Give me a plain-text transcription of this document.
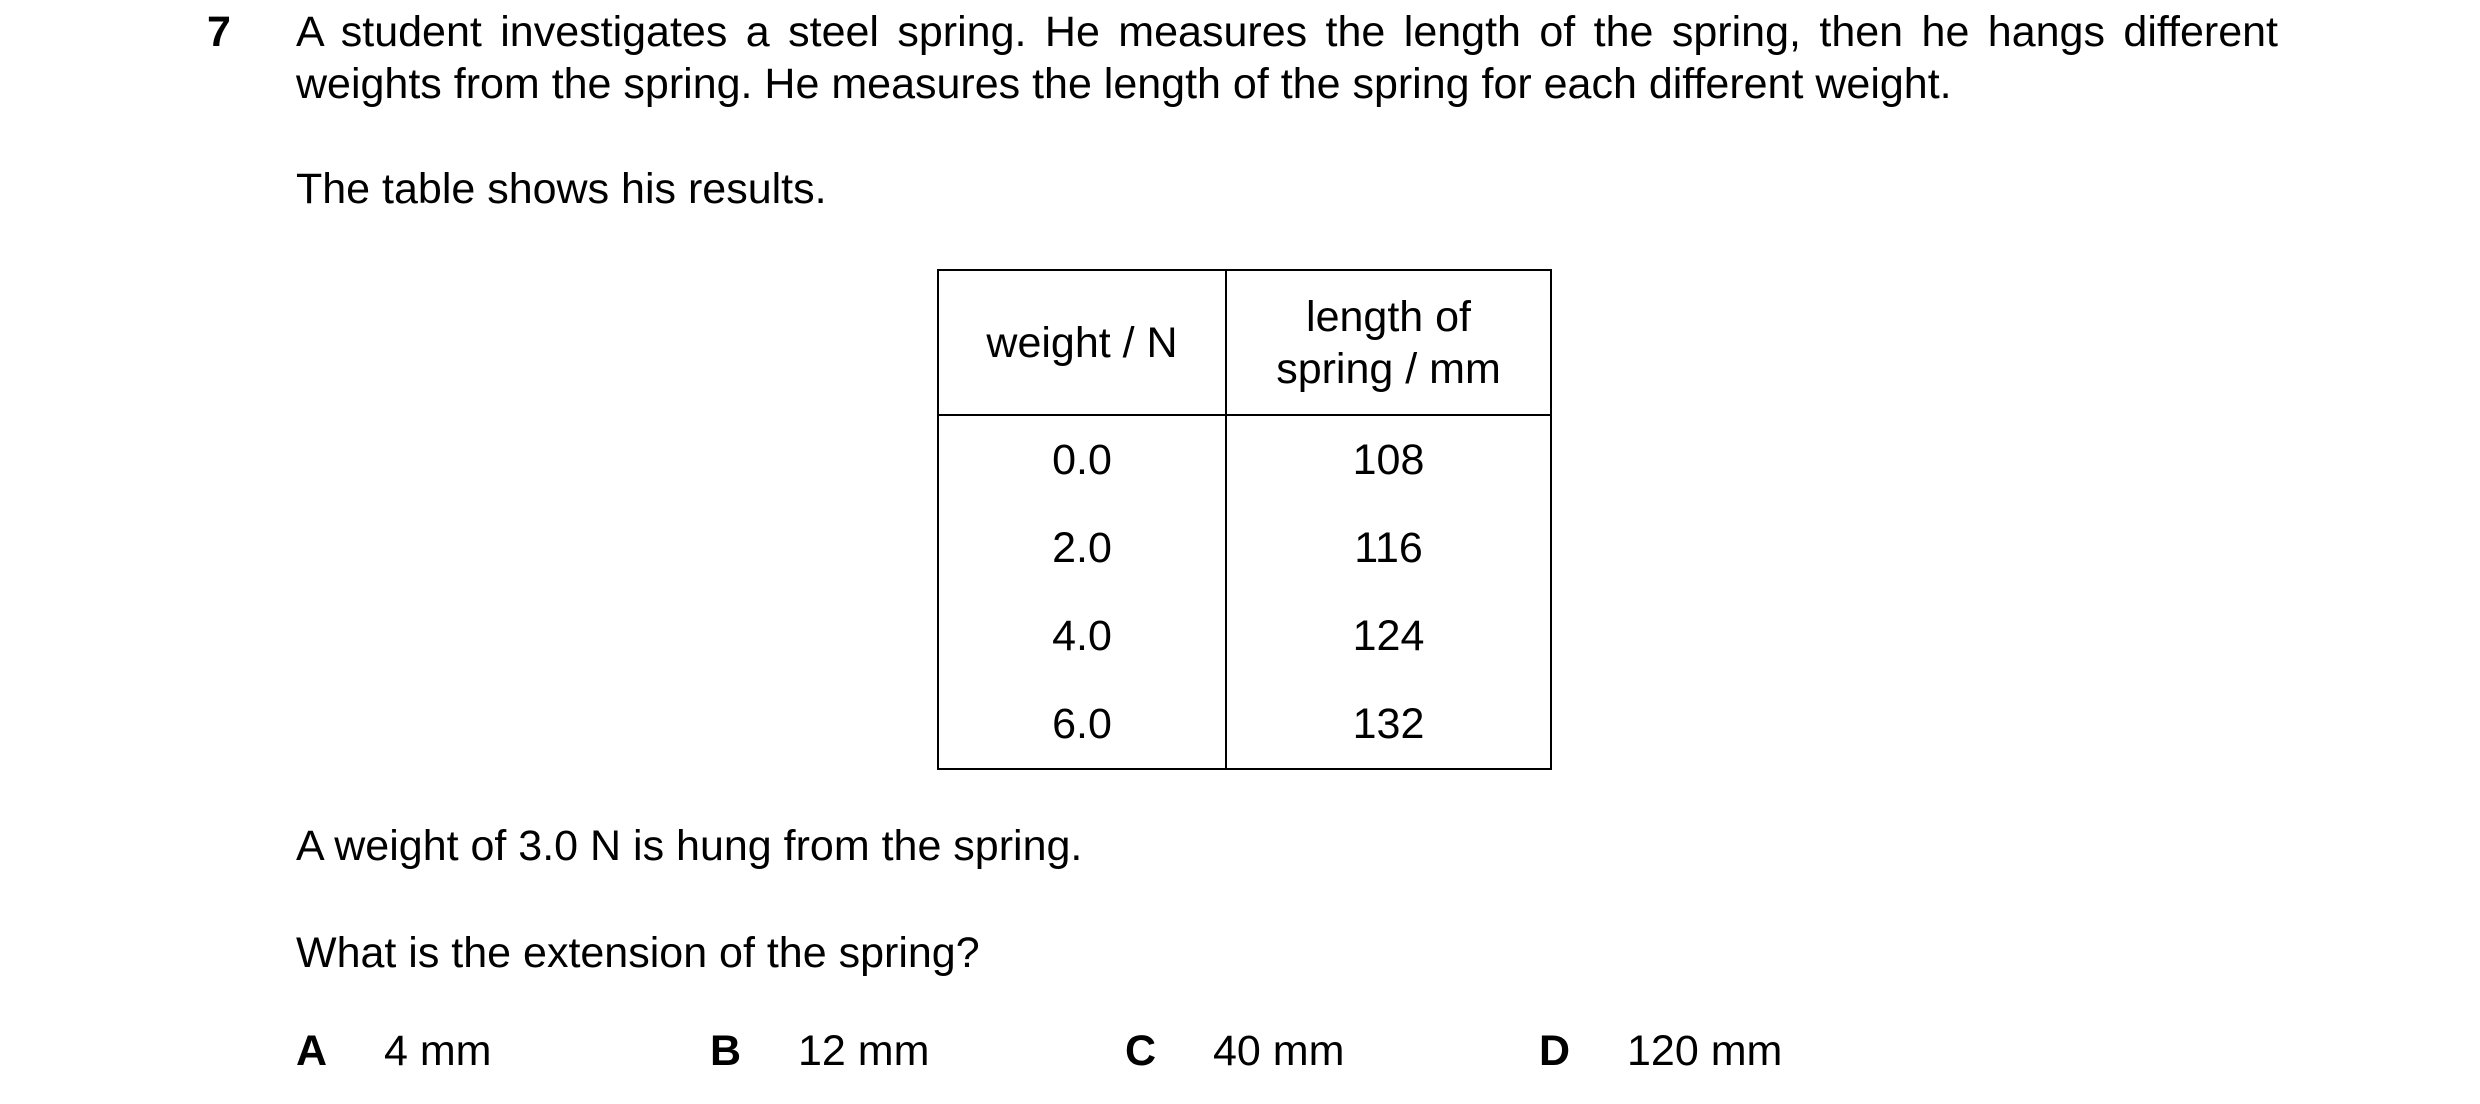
7 A student investigates a steel spring. He measures the length of the spring, then he hangs different weights from the spring. He measures the length of the spring for each different weight.

The table shows his results.

weight / N	length of
spring / mm

0.0	108
2.0	116
4.0	124
6.0	132

A weight of 3.0 N is hung from the spring.

What is the extension of the spring?

A 4 mm	B 12 mm	C 40 mm	D 120 mm
